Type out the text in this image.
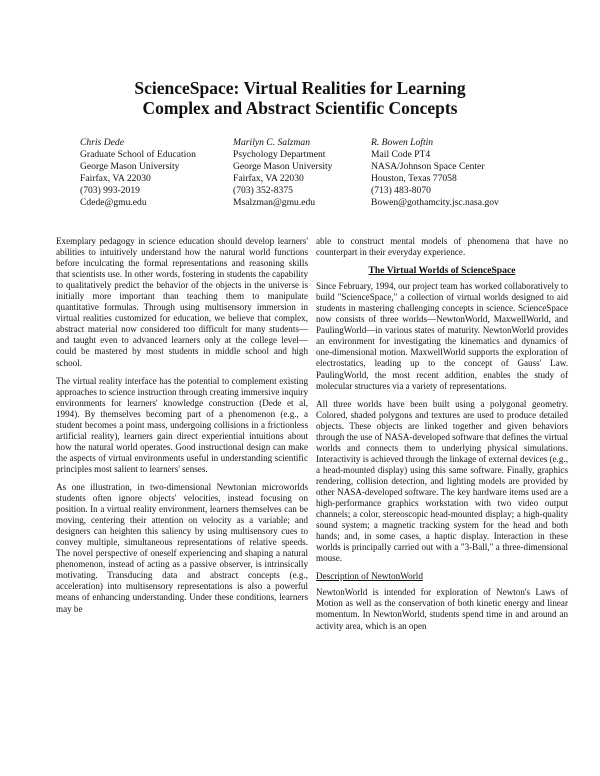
ScienceSpace: Virtual Realities for Learning
Complex and Abstract Scientific Concepts
Chris Dede
Graduate School of Education
George Mason University
Fairfax, VA 22030
(703) 993-2019
Cdede@gmu.edu
Marilyn C. Salzman
Psychology Department
George Mason University
Fairfax, VA 22030
(703) 352-8375
Msalzman@gmu.edu
R. Bowen Loftin
Mail Code PT4
NASA/Johnson Space Center
Houston, Texas 77058
(713) 483-8070
Bowen@gothamcity.jsc.nasa.gov

Exemplary pedagogy in science education should develop learners' abilities to intuitively understand how the natural world functions before inculcating the formal representations and reasoning skills that scientists use. In other words, fostering in students the capability to qualitatively predict the behavior of the objects in the universe is initially more important than teaching them to manipulate quantitative formulas. Through using multisensory immersion in virtual realities customized for education, we believe that complex, abstract material now considered too difficult for many students—and taught even to advanced learners only at the college level—could be mastered by most students in middle school and high school.

The virtual reality interface has the potential to complement existing approaches to science instruction through creating immersive inquiry environments for learners' knowledge construction (Dede et al, 1994). By themselves becoming part of a phenomenon (e.g., a student becomes a point mass, undergoing collisions in a frictionless artificial reality), learners gain direct experiential intuitions about how the natural world operates. Good instructional design can make the aspects of virtual environments useful in understanding scientific principles most salient to learners' senses.

As one illustration, in two-dimensional Newtonian microworlds students often ignore objects' velocities, instead focusing on position. In a virtual reality environment, learners themselves can be moving, centering their attention on velocity as a variable; and designers can heighten this saliency by using multisensory cues to convey multiple, simultaneous representations of relative speeds. The novel perspective of oneself experiencing and shaping a natural phenomenon, instead of acting as a passive observer, is intrinsically motivating. Transducing data and abstract concepts (e.g., acceleration) into multisensory representations is also a powerful means of enhancing understanding. Under these conditions, learners may be

able to construct mental models of phenomena that have no counterpart in their everyday experience.

The Virtual Worlds of ScienceSpace

Since February, 1994, our project team has worked collaboratively to build "ScienceSpace," a collection of virtual worlds designed to aid students in mastering challenging concepts in science. ScienceSpace now consists of three worlds—NewtonWorld, MaxwellWorld, and PaulingWorld—in various states of maturity. NewtonWorld provides an environment for investigating the kinematics and dynamics of one-dimensional motion. MaxwellWorld supports the exploration of electrostatics, leading up to the concept of Gauss' Law. PaulingWorld, the most recent addition, enables the study of molecular structures via a variety of representations.

All three worlds have been built using a polygonal geometry. Colored, shaded polygons and textures are used to produce detailed objects. These objects are linked together and given behaviors through the use of NASA-developed software that defines the virtual worlds and connects them to underlying physical simulations. Interactivity is achieved through the linkage of external devices (e.g., a head-mounted display) using this same software. Finally, graphics rendering, collision detection, and lighting models are provided by other NASA-developed software. The key hardware items used are a high-performance graphics workstation with two video output channels; a color, stereoscopic head-mounted display; a high-quality sound system; a magnetic tracking system for the head and both hands; and, in some cases, a haptic display. Interaction in these worlds is principally carried out with a "3-Ball," a three-dimensional mouse.

Description of NewtonWorld

NewtonWorld is intended for exploration of Newton's Laws of Motion as well as the conservation of both kinetic energy and linear momentum. In NewtonWorld, students spend time in and around an activity area, which is an open
